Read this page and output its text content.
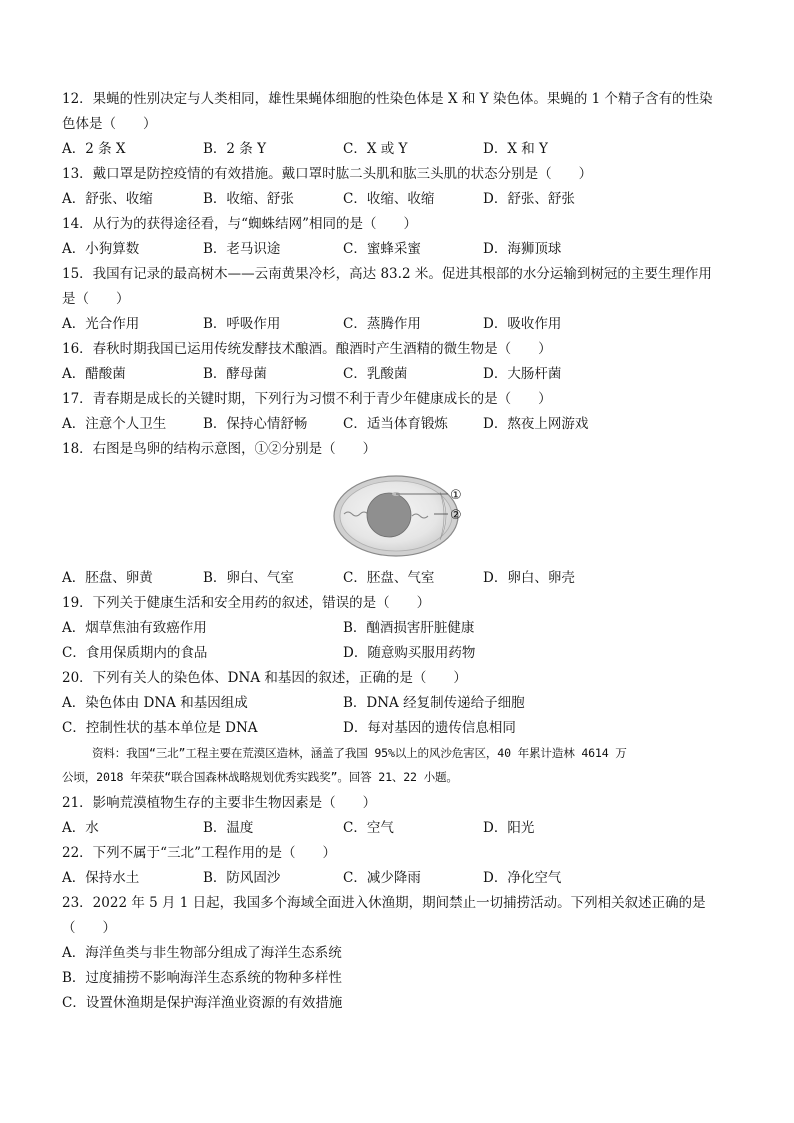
12．果蝇的性别决定与人类相同，雄性果蝇体细胞的性染色体是 X 和 Y 染色体。果蝇的 1 个精子含有的性染
色体是（　　）
A．2 条 X	B．2 条 Y	C．X 或 Y	D．X 和 Y
13．戴口罩是防控疫情的有效措施。戴口罩时肱二头肌和肱三头肌的状态分别是（　　）
A．舒张、收缩	B．收缩、舒张	C．收缩、收缩	D．舒张、舒张
14．从行为的获得途径看，与“蜘蛛结网”相同的是（　　）
A．小狗算数	B．老马识途	C．蜜蜂采蜜	D．海狮顶球
15．我国有记录的最高树木——云南黄果冷杉，高达 83.2 米。促进其根部的水分运输到树冠的主要生理作用
是（　　）
A．光合作用	B．呼吸作用	C．蒸腾作用	D．吸收作用
16．春秋时期我国已运用传统发酵技术酿酒。酿酒时产生酒精的微生物是（　　）
A．醋酸菌	B．酵母菌	C．乳酸菌	D．大肠杆菌
17．青春期是成长的关键时期，下列行为习惯不利于青少年健康成长的是（　　）
A．注意个人卫生	B．保持心情舒畅	C．适当体育锻炼	D．熬夜上网游戏
18．右图是鸟卵的结构示意图，①②分别是（　　）
①
②
A．胚盘、卵黄	B．卵白、气室	C．胚盘、气室	D．卵白、卵壳
19．下列关于健康生活和安全用药的叙述，错误的是（　　）
A．烟草焦油有致癌作用	B．酗酒损害肝脏健康
C．食用保质期内的食品	D．随意购买服用药物
20．下列有关人的染色体、DNA 和基因的叙述，正确的是（　　）
A．染色体由 DNA 和基因组成	B．DNA 经复制传递给子细胞
C．控制性状的基本单位是 DNA	D．每对基因的遗传信息相同
资料：我国“三北”工程主要在荒漠区造林，涵盖了我国 95%以上的风沙危害区，40 年累计造林 4614 万
公顷，2018 年荣获“联合国森林战略规划优秀实践奖”。回答 21、22 小题。
21．影响荒漠植物生存的主要非生物因素是（　　）
A．水	B．温度	C．空气	D．阳光
22．下列不属于“三北”工程作用的是（　　）
A．保持水土	B．防风固沙	C．减少降雨	D．净化空气
23．2022 年 5 月 1 日起，我国多个海域全面进入休渔期，期间禁止一切捕捞活动。下列相关叙述正确的是
（　　）
A．海洋鱼类与非生物部分组成了海洋生态系统
B．过度捕捞不影响海洋生态系统的物种多样性
C．设置休渔期是保护海洋渔业资源的有效措施
